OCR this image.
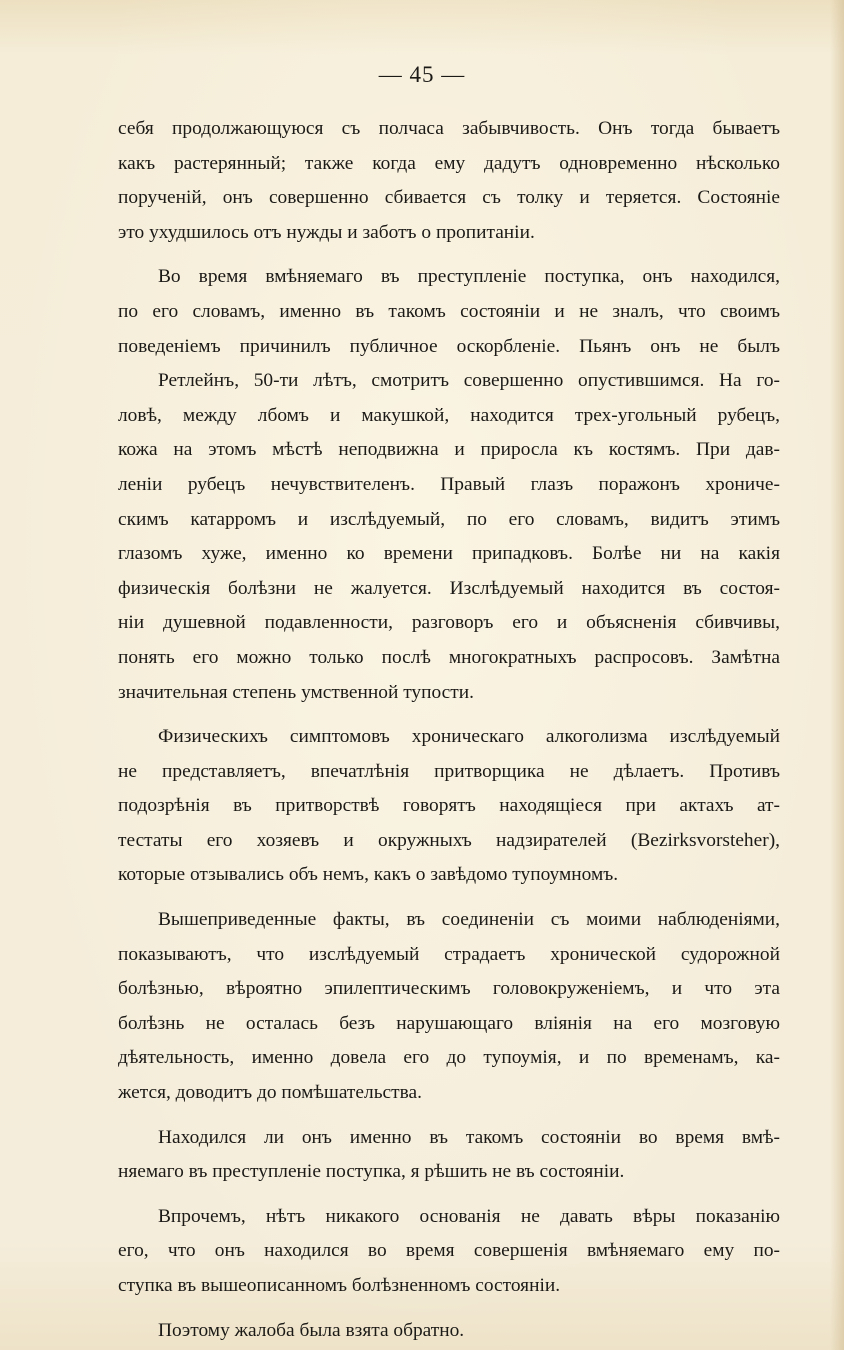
— 45 —
себя продолжающуюся съ полчаса забывчивость. Онъ тогда бываетъ
какъ растерянный; также когда ему дадутъ одновременно нѣсколько
порученій, онъ совершенно сбивается съ толку и теряется. Состояніе
это ухудшилось отъ нужды и заботъ о пропитаніи.
Во время вмѣняемаго въ преступленіе поступка, онъ находился,
по его словамъ, именно въ такомъ состояніи и не зналъ, что своимъ
поведеніемъ причинилъ публичное оскорбленіе. Пьянъ онъ не былъ
Ретлейнъ, 50-ти лѣтъ, смотритъ совершенно опустившимся. На го-
ловѣ, между лбомъ и макушкой, находится трех-угольный рубецъ,
кожа на этомъ мѣстѣ неподвижна и приросла къ костямъ. При дав-
леніи рубецъ нечувствителенъ. Правый глазъ поражонъ хрониче-
скимъ катарромъ и изслѣдуемый, по его словамъ, видитъ этимъ
глазомъ хуже, именно ко времени припадковъ. Болѣе ни на какія
физическія болѣзни не жалуется. Изслѣдуемый находится въ состоя-
ніи душевной подавленности, разговоръ его и объясненія сбивчивы,
понять его можно только послѣ многократныхъ распросовъ. Замѣтна
значительная степень умственной тупости.
Физическихъ симптомовъ хроническаго алкоголизма изслѣдуемый
не представляетъ, впечатлѣнія притворщика не дѣлаетъ. Противъ
подозрѣнія въ притворствѣ говорятъ находящіеся при актахъ ат-
тестаты его хозяевъ и окружныхъ надзирателей (Bezirksvorsteher),
которые отзывались объ немъ, какъ о завѣдомо тупоумномъ.
Вышеприведенные факты, въ соединеніи съ моими наблюденіями,
показываютъ, что изслѣдуемый страдаетъ хронической судорожной
болѣзнью, вѣроятно эпилептическимъ головокруженіемъ, и что эта
болѣзнь не осталась безъ нарушающаго вліянія на его мозговую
дѣятельность, именно довела его до тупоумія, и по временамъ, ка-
жется, доводитъ до помѣшательства.
Находился ли онъ именно въ такомъ состояніи во время вмѣ-
няемаго въ преступленіе поступка, я рѣшить не въ состояніи.
Впрочемъ, нѣтъ никакого основанія не давать вѣры показанію
его, что онъ находился во время совершенія вмѣняемаго ему по-
ступка въ вышеописанномъ болѣзненномъ состояніи.
Поэтому жалоба была взята обратно.
